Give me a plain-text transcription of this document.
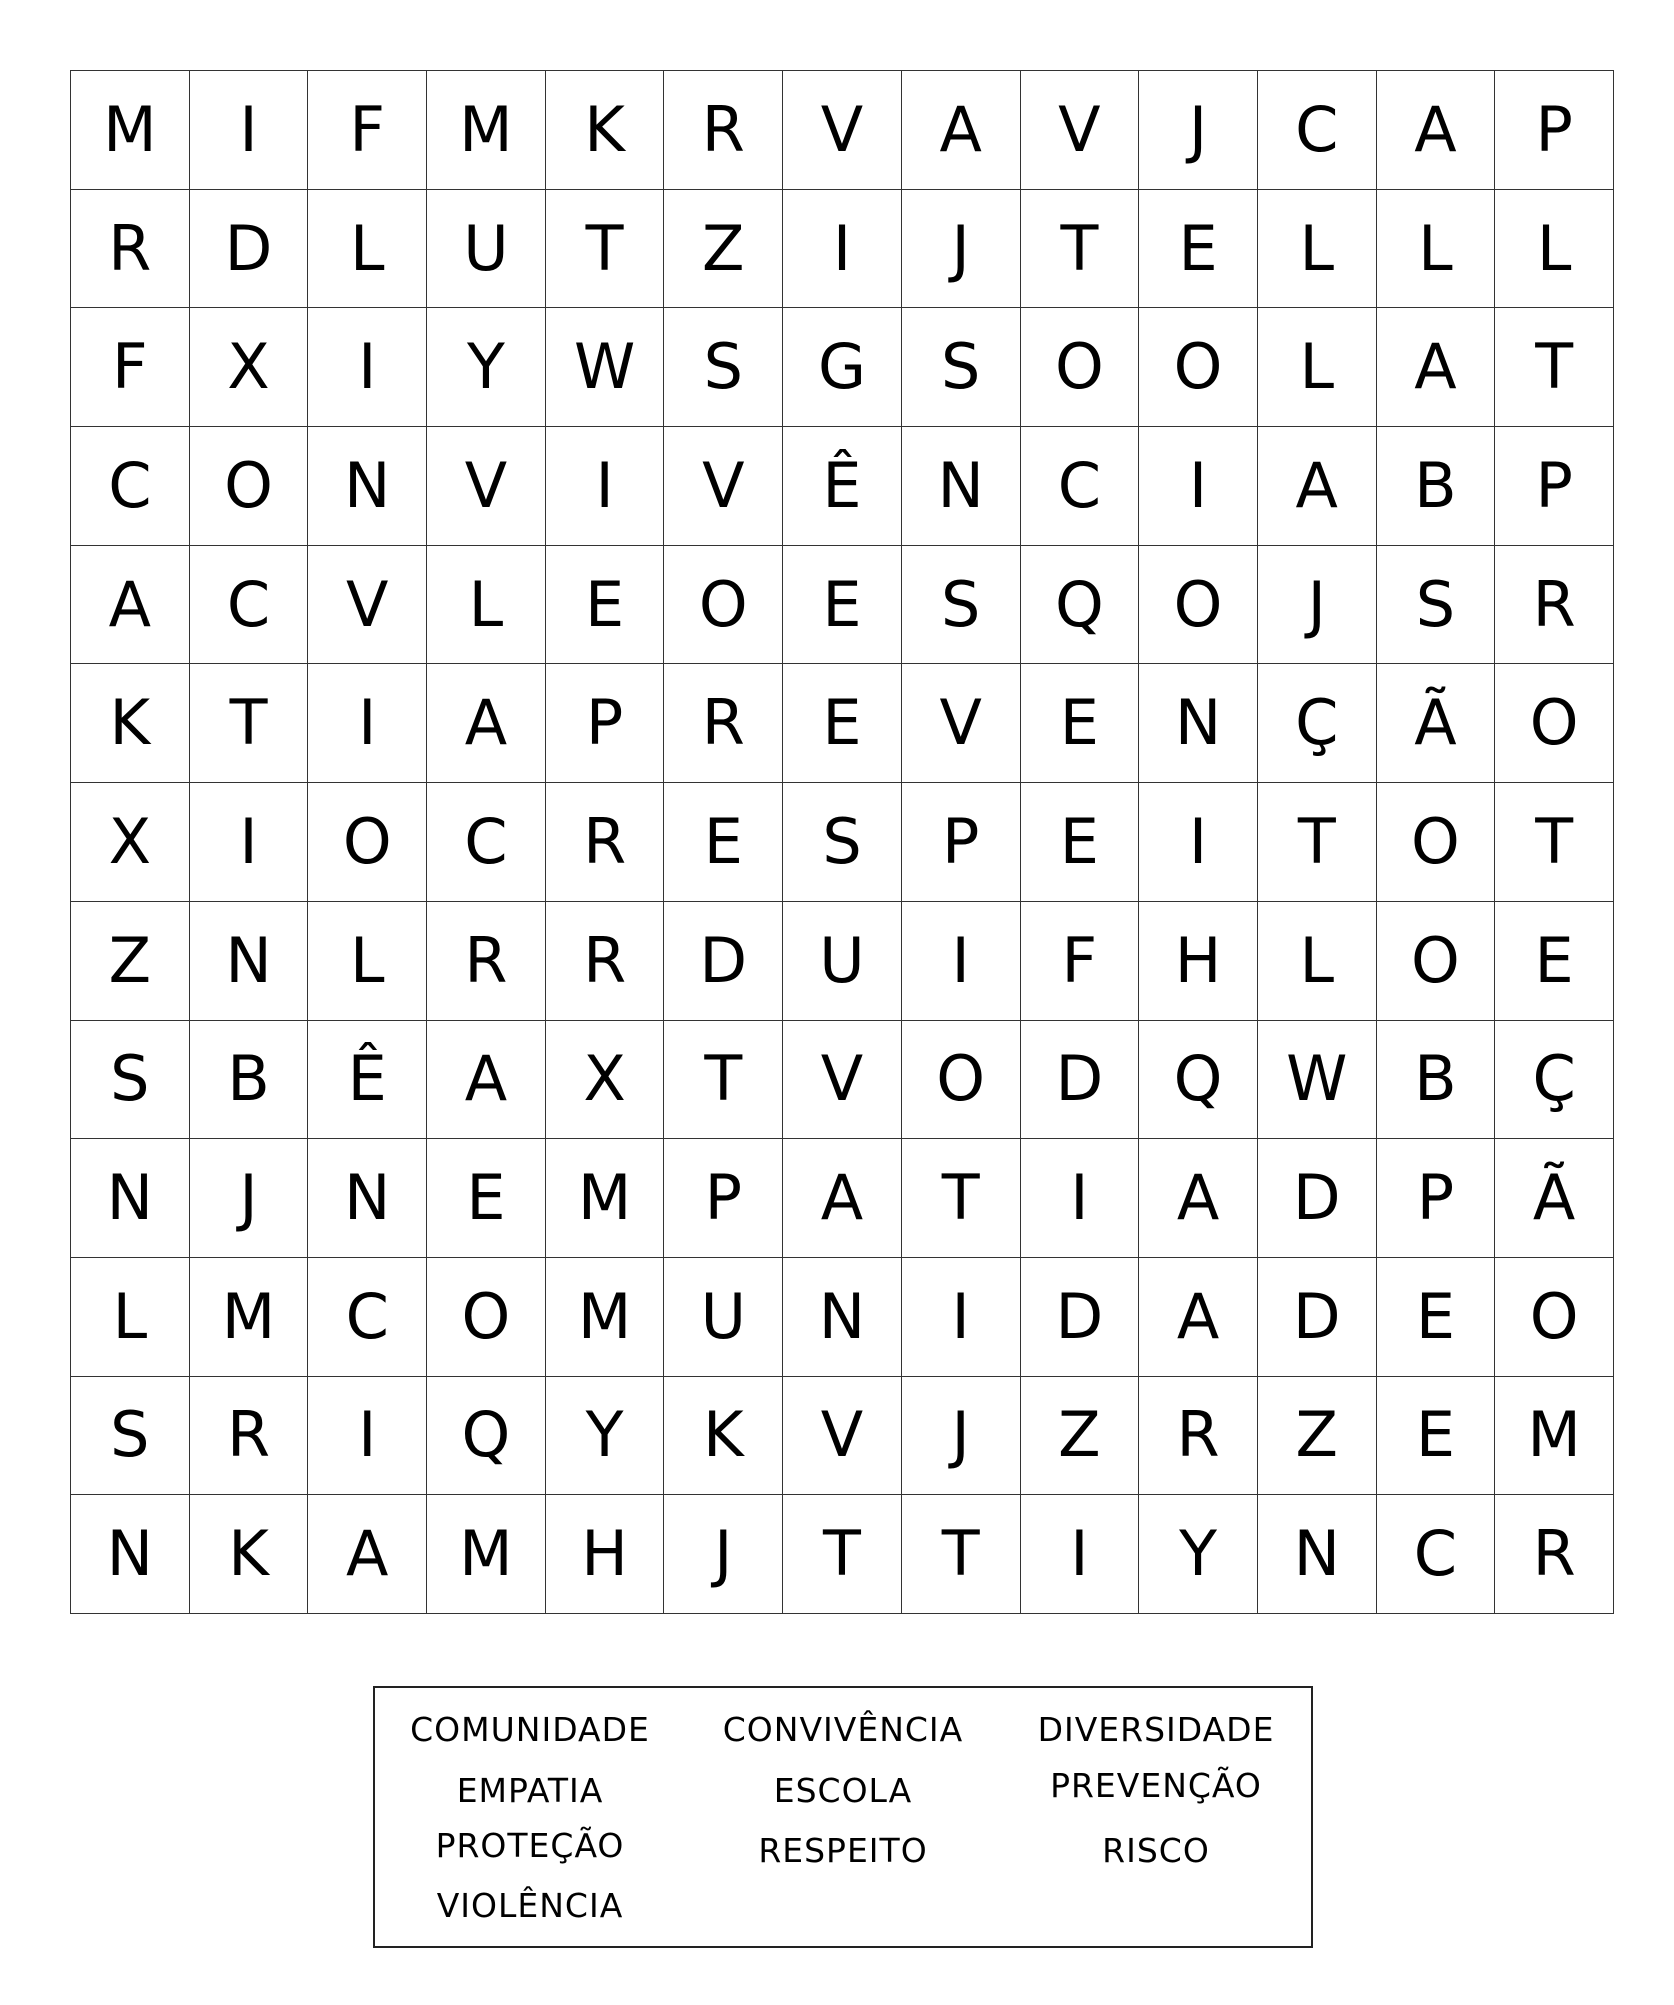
M	I	F	M	K	R	V	A	V	J	C	A	P
R	D	L	U	T	Z	I	J	T	E	L	L	L
F	X	I	Y	W	S	G	S	O	O	L	A	T
C	O	N	V	I	V	Ê	N	C	I	A	B	P
A	C	V	L	E	O	E	S	Q	O	J	S	R
K	T	I	A	P	R	E	V	E	N	Ç	Ã	O
X	I	O	C	R	E	S	P	E	I	T	O	T
Z	N	L	R	R	D	U	I	F	H	L	O	E
S	B	Ê	A	X	T	V	O	D	Q	W	B	Ç
N	J	N	E	M	P	A	T	I	A	D	P	Ã
L	M	C	O	M	U	N	I	D	A	D	E	O
S	R	I	Q	Y	K	V	J	Z	R	Z	E	M
N	K	A	M	H	J	T	T	I	Y	N	C	R
COMUNIDADE CONVIVÊNCIA DIVERSIDADE
EMPATIA	ESCOLA	PREVENÇÃO
PROTEÇÃO	RESPEITO	RISCO
VIOLÊNCIA
